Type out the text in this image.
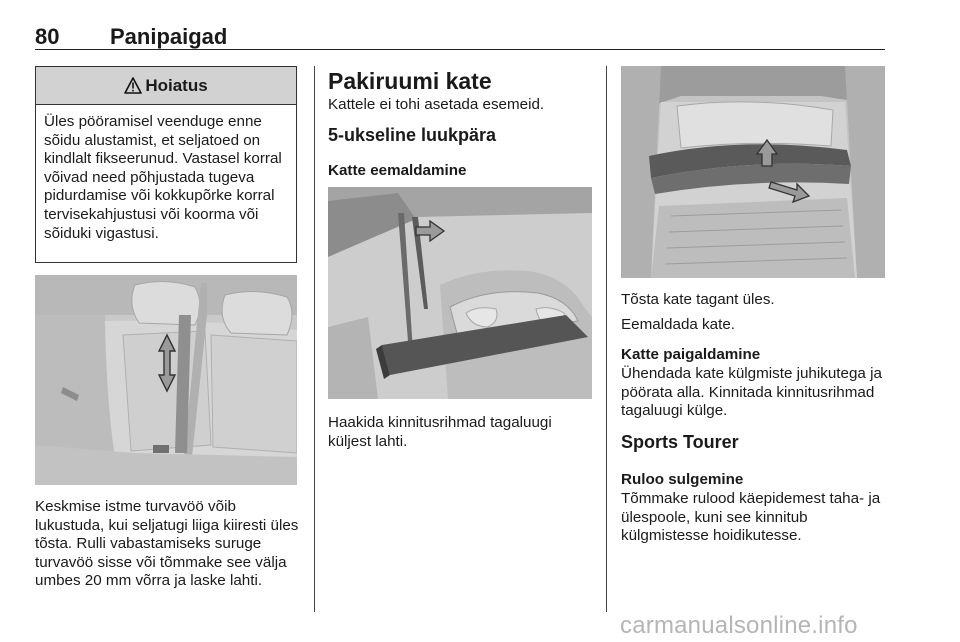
80 Panipaigad
Hoiatus
Üles pööramisel veenduge enne sõidu alustamist, et seljatoed on kindlalt fikseerunud. Vastasel korral võivad need põhjustada tugeva pidurdamise või kokkupõrke korral tervisekahjustusi või koorma või sõiduki vigastusi.
Keskmise istme turvavöö võib lukustuda, kui seljatugi liiga kiiresti üles tõsta. Rulli vabastamiseks suruge turvavöö sisse või tõmmake see välja umbes 20 mm võrra ja laske lahti.
Pakiruumi kate
Kattele ei tohi asetada esemeid.
5-ukseline luukpära
Katte eemaldamine
Haakida kinnitusrihmad tagaluugi küljest lahti.
Tõsta kate tagant üles.
Eemaldada kate.
Katte paigaldamine
Ühendada kate külgmiste juhikutega ja pöörata alla. Kinnitada kinnitusrihmad tagaluugi külge.
Sports Tourer
Ruloo sulgemine
Tõmmake rulood käepidemest taha- ja ülespoole, kuni see kinnitub külgmistesse hoidikutesse.
carmanualsonline.info
